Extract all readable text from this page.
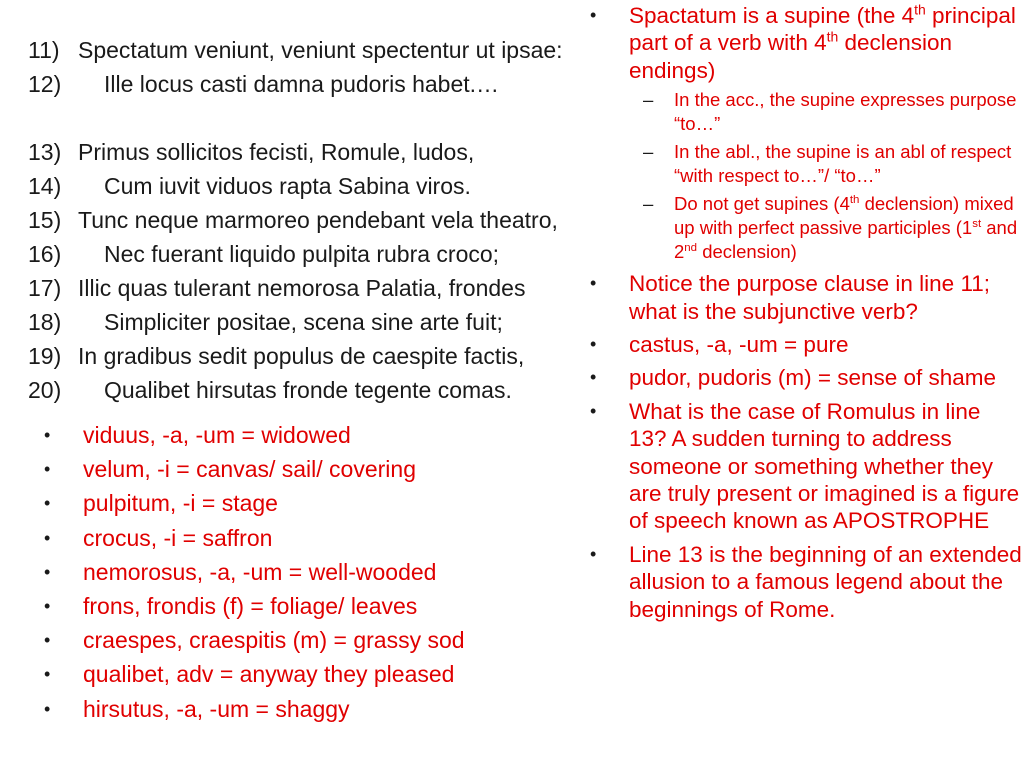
11) Spectatum veniunt, veniunt spectentur ut ipsae:
12)	Ille locus casti damna pudoris habet.…
13) Primus sollicitos fecisti, Romule, ludos,
14)	Cum iuvit viduos rapta Sabina viros.
15) Tunc neque marmoreo pendebant vela theatro,
16)	Nec fuerant liquido pulpita rubra croco;
17) Illic quas tulerant nemorosa Palatia, frondes
18)	Simpliciter positae, scena sine arte fuit;
19) In gradibus sedit populus de caespite factis,
20)	Qualibet hirsutas fronde tegente comas.
• viduus, -a, -um = widowed
• velum, -i = canvas/ sail/ covering
• pulpitum, -i = stage
• crocus, -i = saffron
• nemorosus, -a, -um = well-wooded
• frons, frondis (f) = foliage/ leaves
• craespes, craespitis (m) = grassy sod
• qualibet, adv = anyway they pleased
• hirsutus, -a, -um = shaggy
• Spactatum is a supine (the 4th principal part of a verb with 4th declension endings)
– In the acc., the supine expresses purpose “to…”
– In the abl., the supine is an abl of respect “with respect to…”/ “to…”
– Do not get supines (4th declension) mixed up with perfect passive participles (1st and 2nd declension)
• Notice the purpose clause in line 11; what is the subjunctive verb?
• castus, -a, -um = pure
• pudor, pudoris (m) = sense of shame
• What is the case of Romulus in line 13? A sudden turning to address someone or something whether they are truly present or imagined is a figure of speech known as APOSTROPHE
• Line 13 is the beginning of an extended allusion to a famous legend about the beginnings of Rome.
